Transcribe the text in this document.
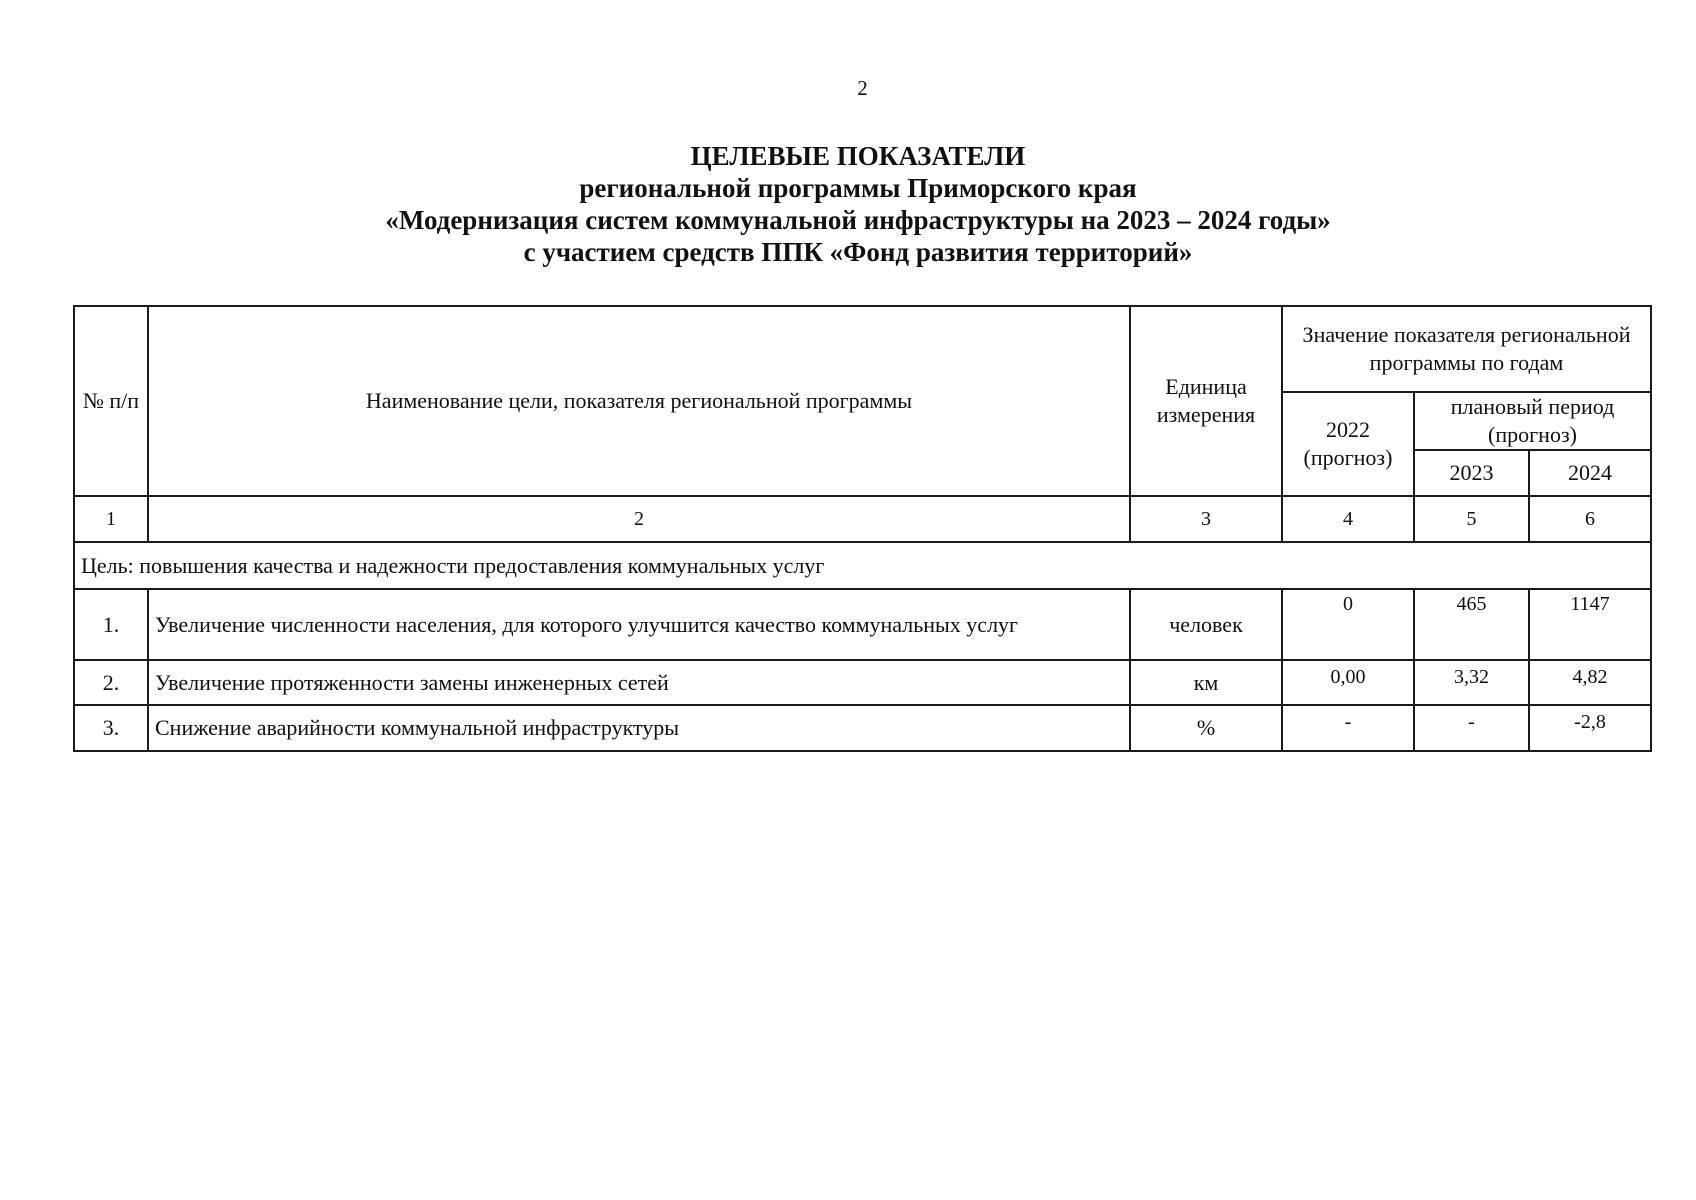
2
ЦЕЛЕВЫЕ ПОКАЗАТЕЛИ
региональной программы Приморского края
«Модернизация систем коммунальной инфраструктуры на 2023 – 2024 годы»
с участием средств ППК «Фонд развития территорий»
№ п/п	Наименование цели, показателя региональной программы	Единица измерения	Значение показателя региональной программы по годам		
			2022 (прогноз)	плановый период (прогноз)	
				2023	2024
1	2	3	4	5	6
Цель: повышения качества и надежности предоставления коммунальных услуг					
1.	Увеличение численности населения, для которого улучшится качество коммунальных услуг	человек	0	465	1147
2.	Увеличение протяженности замены инженерных сетей	км	0,00	3,32	4,82
3.	Снижение аварийности коммунальной инфраструктуры	%	-	-	-2,8
